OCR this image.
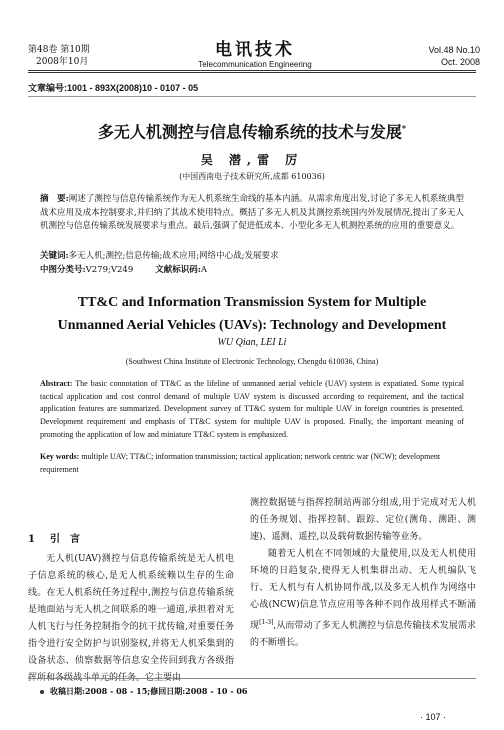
第48卷 第10期
2008年10月
电讯技术
Telecommunication Engineering
Vol.48 No.10
Oct. 2008
文章编号:1001 - 893X(2008)10 - 0107 - 05
多无人机测控与信息传输系统的技术与发展*
吴 潜,雷 厉
(中国西南电子技术研究所,成都 610036)
摘　要:阐述了测控与信息传输系统作为无人机系统生命线的基本内涵。从需求角度出发,讨论了多无人机系统典型战术应用及成本控制要求,并归纳了其战术使用特点。概括了多无人机及其测控系统国内外发展情况,提出了多无人机测控与信息传输系统发展要求与重点。最后,强调了促进低成本、小型化多无人机测控系统的应用的重要意义。
关键词:多无人机;测控;信息传输;战术应用;网络中心战;发展要求
中图分类号:V279;V249	文献标识码:A
TT&C and Information Transmission System for Multiple
Unmanned Aerial Vehicles (UAVs): Technology and Development
WU Qian, LEI Li
(Southwest China Institute of Electronic Technology, Chengdu 610036, China)
Abstract: The basic connotation of TT&C as the lifeline of unmanned aerial vehicle (UAV) system is expatiated. Some typical tactical application and cost control demand of multiple UAV system is discussed according to requirement, and the tactical application features are summarized. Development survey of TT&C system for multiple UAV in foreign countries is presented. Development requirement and emphasis of TT&C system for multiple UAV is proposed. Finally, the important meaning of promoting the application of low and miniature TT&C system is emphasized.
Key words: multiple UAV; TT&C; information transmission; tactical application; network centric war (NCW); development requirement
1 引　言
无人机(UAV)测控与信息传输系统是无人机电子信息系统的核心,是无人机系统赖以生存的生命线。在无人机系统任务过程中,测控与信息传输系统是地面站与无人机之间联系的唯一通道,承担着对无人机飞行与任务控制指令的抗干扰传输,对重要任务指令进行安全防护与识别鉴权,并将无人机采集到的设备状态、侦察数据等信息安全传回到我方各级指挥所和各级战斗单元的任务。它主要由
测控数据链与指挥控制站两部分组成,用于完成对无人机的任务规划、指挥控制、跟踪、定位(测角、测距、测速)、遥测、遥控,以及载荷数据传输等业务。
随着无人机在不同领域的大量使用,以及无人机使用环境的日趋复杂,使得无人机集群出动、无人机编队飞行、无人机与有人机协同作战,以及多无人机作为网络中心战(NCW)信息节点应用等各种不同作战用样式不断涌现[1-3],从而带动了多无人机测控与信息传输技术发展需求的不断增长。
收稿日期:2008 - 08 - 15;修回日期:2008 - 10 - 06
· 107 ·
